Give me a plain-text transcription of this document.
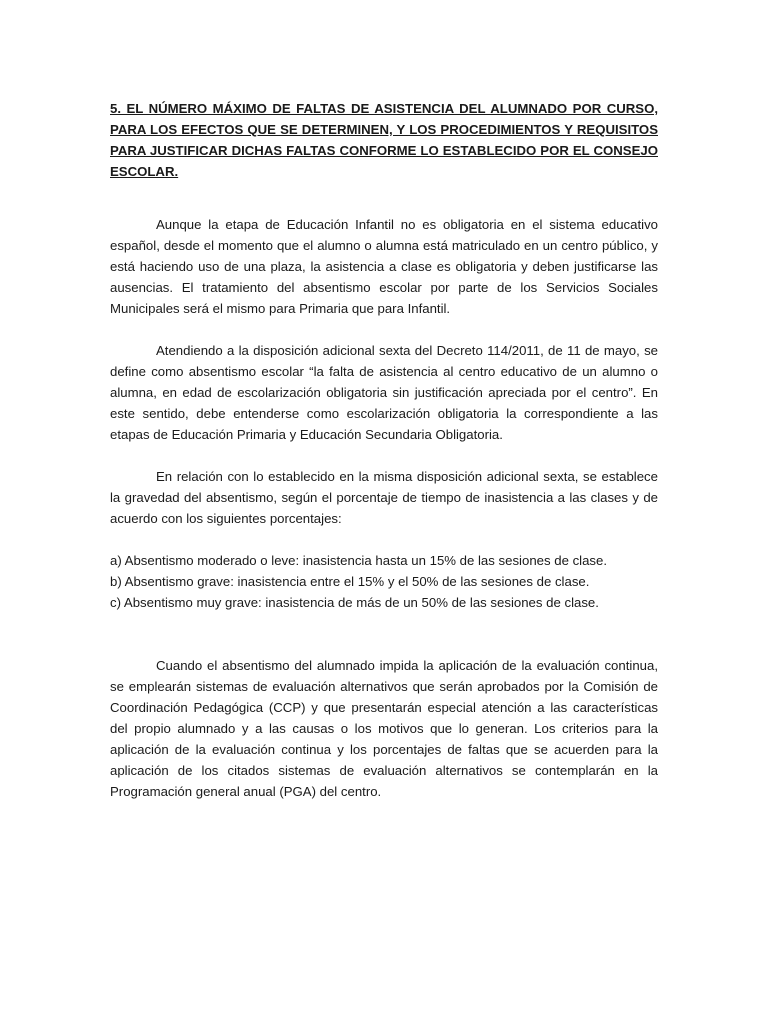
5. EL NÚMERO MÁXIMO DE FALTAS DE ASISTENCIA DEL ALUMNADO POR CURSO, PARA LOS EFECTOS QUE SE DETERMINEN, Y LOS PROCEDIMIENTOS Y REQUISITOS PARA JUSTIFICAR DICHAS FALTAS CONFORME LO ESTABLECIDO POR EL CONSEJO ESCOLAR.

Aunque la etapa de Educación Infantil no es obligatoria en el sistema educativo español, desde el momento que el alumno o alumna está matriculado en un centro público, y está haciendo uso de una plaza, la asistencia a clase es obligatoria y deben justificarse las ausencias. El tratamiento del absentismo escolar por parte de los Servicios Sociales Municipales será el mismo para Primaria que para Infantil.

Atendiendo a la disposición adicional sexta del Decreto 114/2011, de 11 de mayo, se define como absentismo escolar “la falta de asistencia al centro educativo de un alumno o alumna, en edad de escolarización obligatoria sin justificación apreciada por el centro”. En este sentido, debe entenderse como escolarización obligatoria la correspondiente a las etapas de Educación Primaria y Educación Secundaria Obligatoria.

En relación con lo establecido en la misma disposición adicional sexta, se establece la gravedad del absentismo, según el porcentaje de tiempo de inasistencia a las clases y de acuerdo con los siguientes porcentajes:

a) Absentismo moderado o leve: inasistencia hasta un 15% de las sesiones de clase.
b) Absentismo grave: inasistencia entre el 15% y el 50% de las sesiones de clase.
c) Absentismo muy grave: inasistencia de más de un 50% de las sesiones de clase.

Cuando el absentismo del alumnado impida la aplicación de la evaluación continua, se emplearán sistemas de evaluación alternativos que serán aprobados por la Comisión de Coordinación Pedagógica (CCP) y que presentarán especial atención a las características del propio alumnado y a las causas o los motivos que lo generan. Los criterios para la aplicación de la evaluación continua y los porcentajes de faltas que se acuerden para la aplicación de los citados sistemas de evaluación alternativos se contemplarán en la Programación general anual (PGA) del centro.
